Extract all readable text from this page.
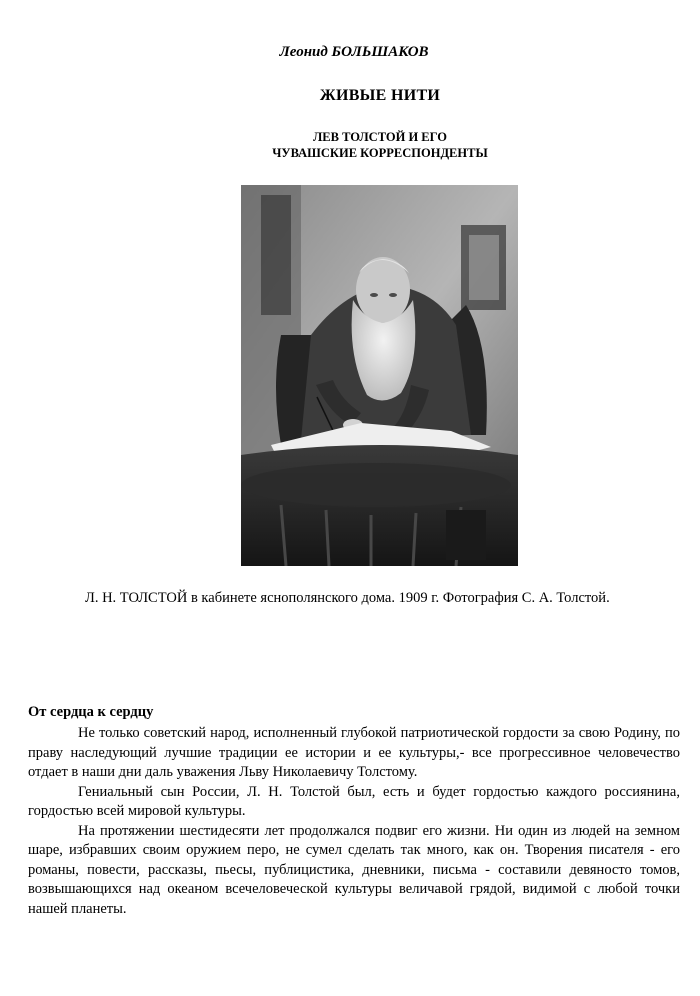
Леонид БОЛЬШАКОВ
ЖИВЫЕ НИТИ
ЛЕВ ТОЛСТОЙ И ЕГО
ЧУВАШСКИЕ КОРРЕСПОНДЕНТЫ
Л. Н. ТОЛСТОЙ в кабинете яснополянского дома. 1909 г. Фотография С. А. Толстой.
От сердца к сердцу

Не только советский народ, исполненный глубокой патриотической гордости за свою Родину, по праву наследующий лучшие традиции ее истории и ее культуры,- все прогрессивное человечество отдает в наши дни даль уважения Льву Николаевичу Толстому.

Гениальный сын России, Л. Н. Толстой был, есть и будет гордостью каждого россиянина, гордостью всей мировой культуры.

На протяжении шестидесяти лет продолжался подвиг его жизни. Ни один из людей на земном шаре, избравших своим оружием перо, не сумел сделать так много, как он. Творения писателя - его романы, повести, рассказы, пьесы, публицистика, дневники, письма - составили девяносто томов, возвышающихся над океаном всечеловеческой культуры величавой грядой, видимой с любой точки нашей планеты.
